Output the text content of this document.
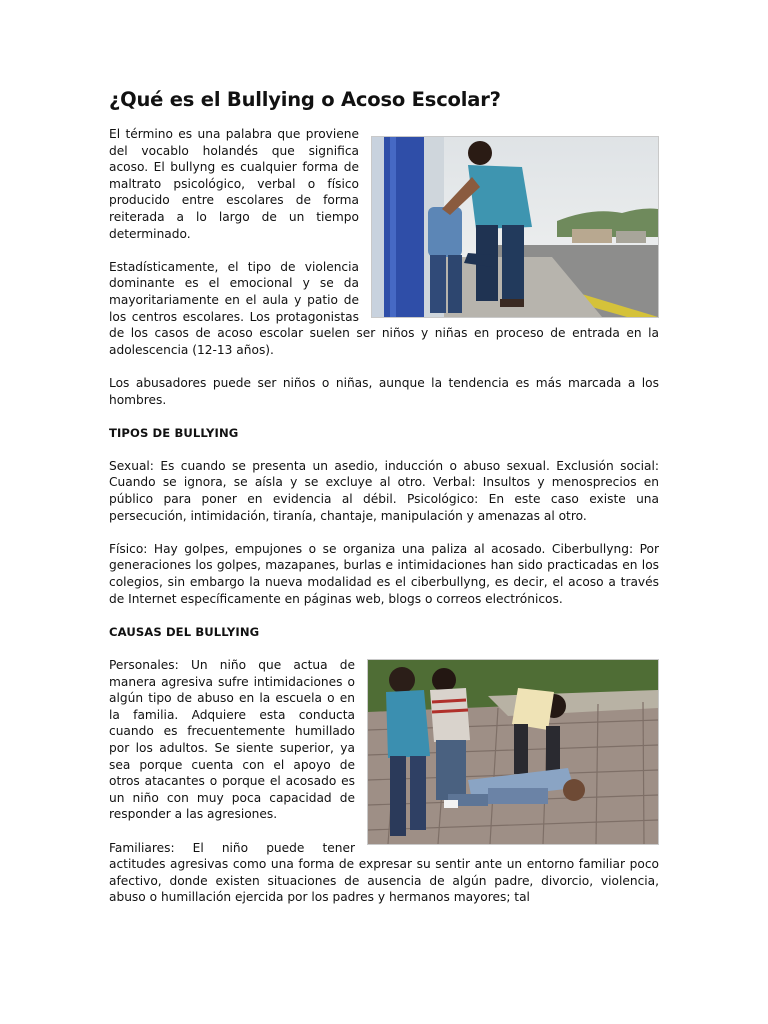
¿Qué es el Bullying o Acoso Escolar?

El término es una palabra que proviene del vocablo holandés que significa acoso. El bullyng es cualquier forma de maltrato psicológico, verbal o físico producido entre escolares de forma reiterada a lo largo de un tiempo determinado.

Estadísticamente, el tipo de violencia dominante es el emocional y se da mayoritariamente en el aula y patio de los centros escolares. Los protagonistas de los casos de acoso escolar suelen ser niños y niñas en proceso de entrada en la adolescencia (12-13 años).

Los abusadores puede ser niños o niñas, aunque la tendencia es más marcada a los hombres.

TIPOS DE BULLYING

Sexual: Es cuando se presenta un asedio, inducción o abuso sexual. Exclusión social: Cuando se ignora, se aísla y se excluye al otro. Verbal: Insultos y menosprecios en público para poner en evidencia al débil. Psicológico: En este caso existe una persecución, intimidación, tiranía, chantaje, manipulación y amenazas al otro.

Físico: Hay golpes, empujones o se organiza una paliza al acosado. Ciberbullyng: Por generaciones los golpes, mazapanes, burlas e intimidaciones han sido practicadas en los colegios, sin embargo la nueva modalidad es el ciberbullyng, es decir, el acoso a través de Internet específicamente en páginas web, blogs o correos electrónicos.

CAUSAS DEL BULLYING

Personales: Un niño que actua de manera agresiva sufre intimidaciones o algún tipo de abuso en la escuela o en la familia. Adquiere esta conducta cuando es frecuentemente humillado por los adultos. Se siente superior, ya sea porque cuenta con el apoyo de otros atacantes o porque el acosado es un niño con muy poca capacidad de responder a las agresiones.

Familiares: El niño puede tener actitudes agresivas como una forma de expresar su sentir ante un entorno familiar poco afectivo, donde existen situaciones de ausencia de algún padre, divorcio, violencia, abuso o humillación ejercida por los padres y hermanos mayores; tal
